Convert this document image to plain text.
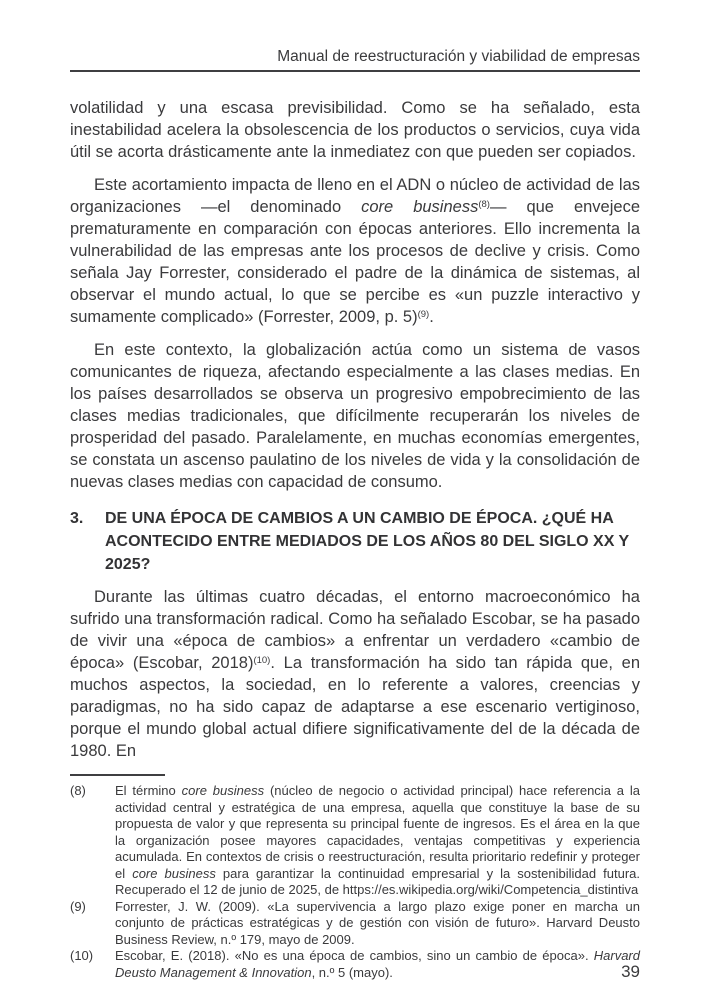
Manual de reestructuración y viabilidad de empresas

volatilidad y una escasa previsibilidad. Como se ha señalado, esta inestabilidad acelera la obsolescencia de los productos o servicios, cuya vida útil se acorta drásticamente ante la inmediatez con que pueden ser copiados.

Este acortamiento impacta de lleno en el ADN o núcleo de actividad de las organizaciones —el denominado core business$^{(8)}$— que envejece prematuramente en comparación con épocas anteriores. Ello incrementa la vulnerabilidad de las empresas ante los procesos de declive y crisis. Como señala Jay Forrester, considerado el padre de la dinámica de sistemas, al observar el mundo actual, lo que se percibe es «un puzzle interactivo y sumamente complicado» (Forrester, 2009, p. 5)$^{(9)}$.

En este contexto, la globalización actúa como un sistema de vasos comunicantes de riqueza, afectando especialmente a las clases medias. En los países desarrollados se observa un progresivo empobrecimiento de las clases medias tradicionales, que difícilmente recuperarán los niveles de prosperidad del pasado. Paralelamente, en muchas economías emergentes, se constata un ascenso paulatino de los niveles de vida y la consolidación de nuevas clases medias con capacidad de consumo.

3.	DE UNA ÉPOCA DE CAMBIOS A UN CAMBIO DE ÉPOCA. ¿QUÉ HA ACONTECIDO ENTRE MEDIADOS DE LOS AÑOS 80 DEL SIGLO XX Y 2025?

Durante las últimas cuatro décadas, el entorno macroeconómico ha sufrido una transformación radical. Como ha señalado Escobar, se ha pasado de vivir una «época de cambios» a enfrentar un verdadero «cambio de época» (Escobar, 2018)$^{(10)}$. La transformación ha sido tan rápida que, en muchos aspectos, la sociedad, en lo referente a valores, creencias y paradigmas, no ha sido capaz de adaptarse a ese escenario vertiginoso, porque el mundo global actual difiere significativamente del de la década de 1980. En

(8)	El término core business (núcleo de negocio o actividad principal) hace referencia a la actividad central y estratégica de una empresa, aquella que constituye la base de su propuesta de valor y que representa su principal fuente de ingresos. Es el área en la que la organización posee mayores capacidades, ventajas competitivas y experiencia acumulada. En contextos de crisis o reestructuración, resulta prioritario redefinir y proteger el core business para garantizar la continuidad empresarial y la sostenibilidad futura. Recuperado el 12 de junio de 2025, de https://es.wikipedia.org/wiki/Competencia_distintiva
(9)	Forrester, J. W. (2009). «La supervivencia a largo plazo exige poner en marcha un conjunto de prácticas estratégicas y de gestión con visión de futuro». Harvard Deusto Business Review, n.º 179, mayo de 2009.
(10)	Escobar, E. (2018). «No es una época de cambios, sino un cambio de época». Harvard Deusto Management & Innovation, n.º 5 (mayo).	39
